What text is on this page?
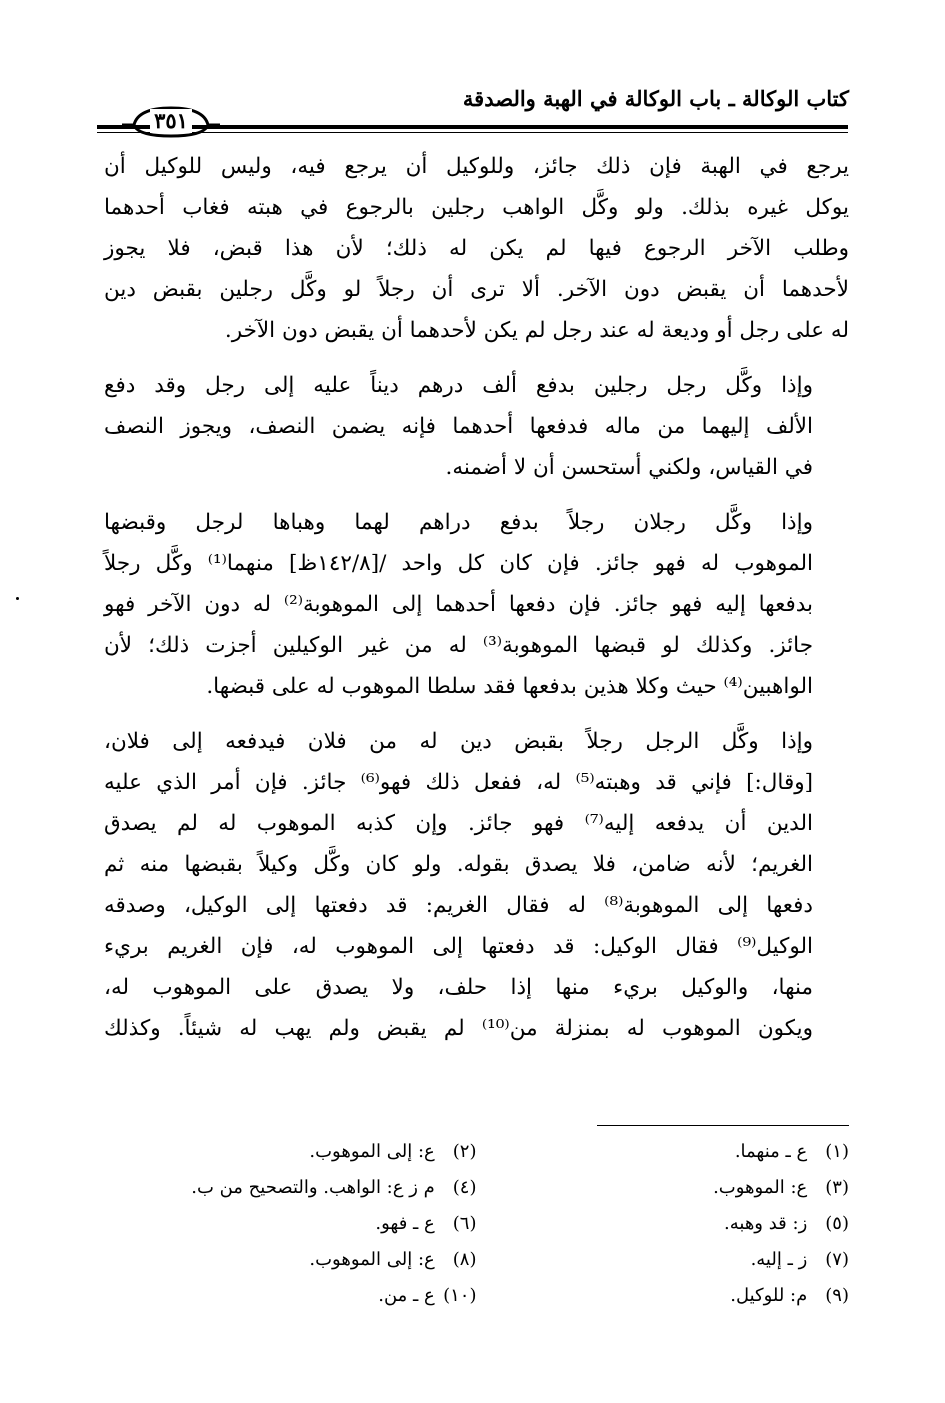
كتاب الوكالة ـ باب الوكالة في الهبة والصدقة
٣٥١

يرجع في الهبة فإن ذلك جائز، وللوكيل أن يرجع فيه، وليس للوكيل أن
يوكل غيره بذلك. ولو وكَّل الواهب رجلين بالرجوع في هبته فغاب أحدهما
وطلب الآخر الرجوع فيها لم يكن له ذلك؛ لأن هذا قبض، فلا يجوز
لأحدهما أن يقبض دون الآخر. ألا ترى أن رجلاً لو وكَّل رجلين بقبض دين
له على رجل أو وديعة له عند رجل لم يكن لأحدهما أن يقبض دون الآخر.

وإذا وكَّل رجل رجلين بدفع ألف درهم ديناً عليه إلى رجل وقد دفع
الألف إليهما من ماله فدفعها أحدهما فإنه يضمن النصف، ويجوز النصف
في القياس، ولكني أستحسن أن لا أضمنه.

وإذا وكَّل رجلان رجلاً بدفع دراهم لهما وهباها لرجل وقبضها
الموهوب له فهو جائز. فإن كان كل واحد /[١٤٢/٨ظ] منهما⁽¹⁾ وكَّل رجلاً
بدفعها إليه فهو جائز. فإن دفعها أحدهما إلى الموهوبة⁽²⁾ له دون الآخر فهو
جائز. وكذلك لو قبضها الموهوبة⁽³⁾ له من غير الوكيلين أجزت ذلك؛ لأن
الواهبين⁽⁴⁾ حيث وكلا هذين بدفعها فقد سلطا الموهوب له على قبضها.

وإذا وكَّل الرجل رجلاً بقبض دين له من فلان فيدفعه إلى فلان،
[وقال:] فإني قد وهبته⁽⁵⁾ له، ففعل ذلك فهو⁽⁶⁾ جائز. فإن أمر الذي عليه
الدين أن يدفعه إليه⁽⁷⁾ فهو جائز. وإن كذبه الموهوب له لم يصدق
الغريم؛ لأنه ضامن، فلا يصدق بقوله. ولو كان وكَّل وكيلاً بقبضها منه ثم
دفعها إلى الموهوبة⁽⁸⁾ له فقال الغريم: قد دفعتها إلى الوكيل، وصدقه
الوكيل⁽⁹⁾ فقال الوكيل: قد دفعتها إلى الموهوب له، فإن الغريم بريء
منها، والوكيل بريء منها إذا حلف، ولا يصدق على الموهوب له،
ويكون الموهوب له بمنزلة من⁽¹⁰⁾ لم يقبض ولم يهب له شيئاً. وكذلك

(١) ع ـ منهما.
(٢) ع: إلى الموهوب.
(٣) ع: الموهوب.
(٤) م ز ع: الواهب. والتصحيح من ب.
(٥) ز: قد وهبه.
(٦) ع ـ فهو.
(٧) ز ـ إليه.
(٨) ع: إلى الموهوب.
(٩) م: للوكيل.
(١٠) ع ـ من.
